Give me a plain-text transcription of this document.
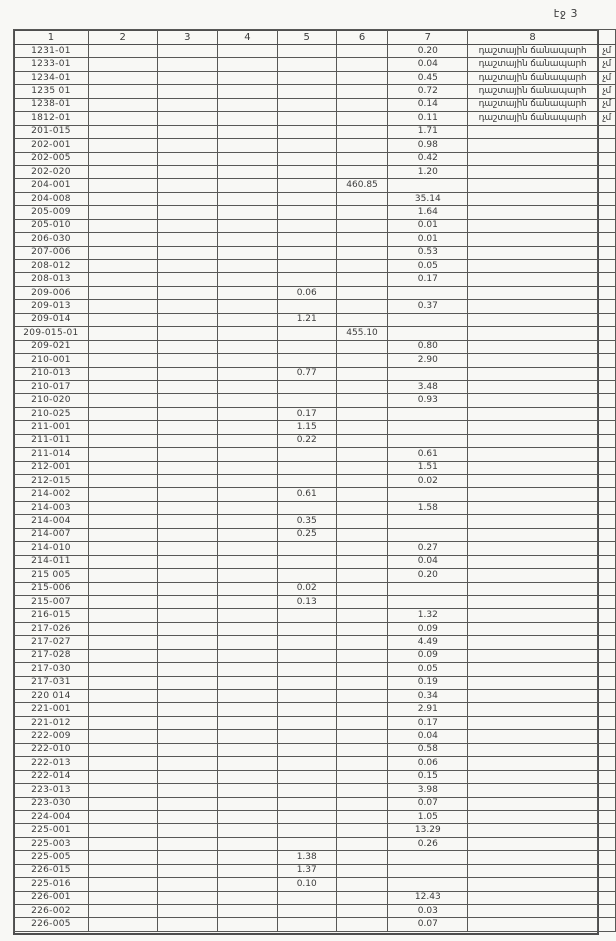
էջ 3
1	2	3	4	5	6	7	8	
1231-01						0.20	դաշտային ճանապարհ	չմ
1233-01						0.04	դաշտային ճանապարհ	չմ
1234-01						0.45	դաշտային ճանապարհ	չմ
1235 01						0.72	դաշտային ճանապարհ	չմ
1238-01						0.14	դաշտային ճանապարհ	չմ
1812-01						0.11	դաշտային ճանապարհ	չմ
201-015						1.71		
202-001						0.98		
202-005						0.42		
202-020						1.20		
204-001					460.85			
204-008						35.14		
205-009						1.64		
205-010						0.01		
206-030						0.01		
207-006						0.53		
208-012						0.05		
208-013						0.17		
209-006				0.06				
209-013						0.37		
209-014				1.21				
209-015-01					455.10			
209-021						0.80		
210-001						2.90		
210-013				0.77				
210-017						3.48		
210-020						0.93		
210-025				0.17				
211-001				1.15				
211-011				0.22				
211-014						0.61		
212-001						1.51		
212-015						0.02		
214-002				0.61				
214-003						1.58		
214-004				0.35				
214-007				0.25				
214-010						0.27		
214-011						0.04		
215 005						0.20		
215-006				0.02				
215-007				0.13				
216-015						1.32		
217-026						0.09		
217-027						4.49		
217-028						0.09		
217-030						0.05		
217-031						0.19		
220 014						0.34		
221-001						2.91		
221-012						0.17		
222-009						0.04		
222-010						0.58		
222-013						0.06		
222-014						0.15		
223-013						3.98		
223-030						0.07		
224-004						1.05		
225-001						13.29		
225-003						0.26		
225-005				1.38				
226-015				1.37				
225-016				0.10				
226-001						12.43		
226-002						0.03		
226-005						0.07		
